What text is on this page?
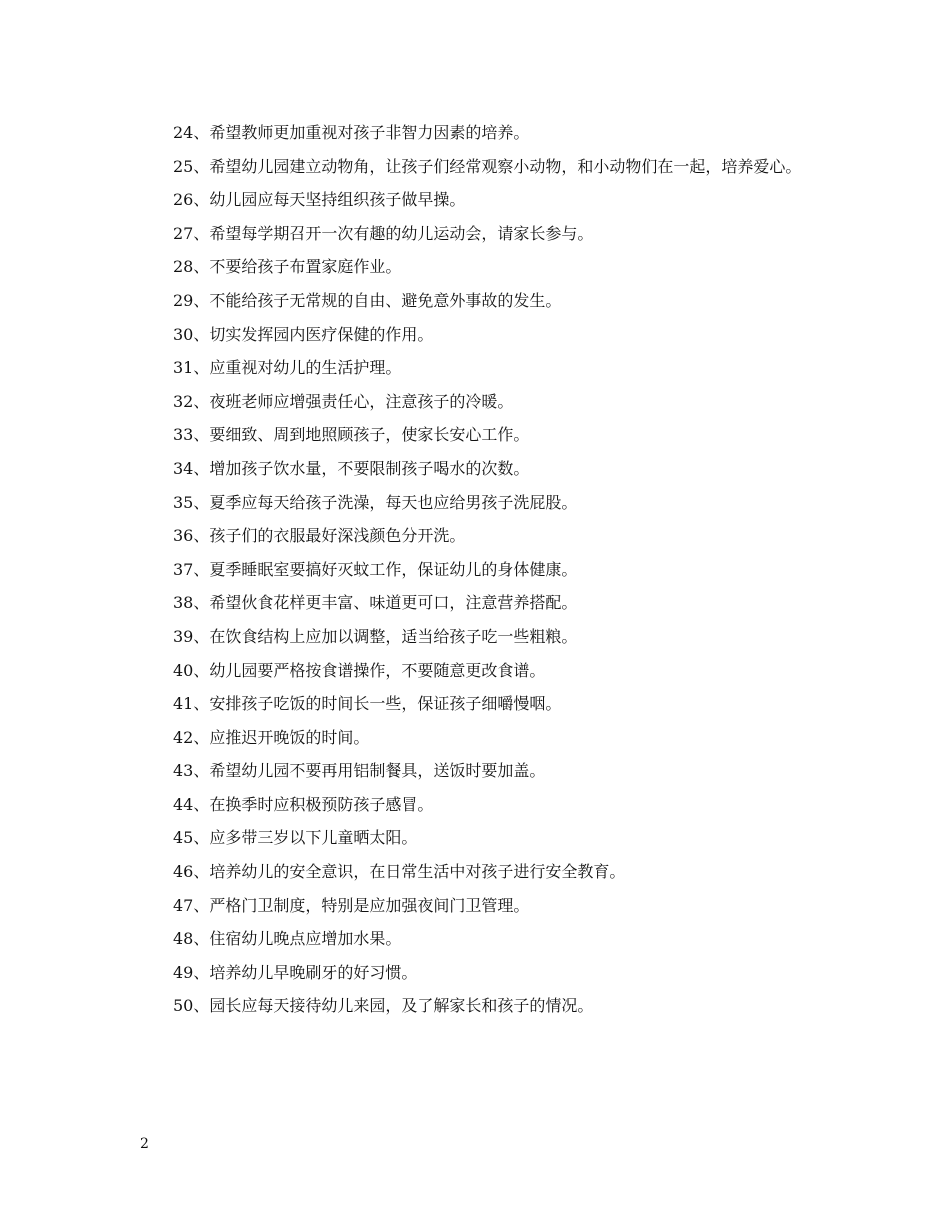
24、希望教师更加重视对孩子非智力因素的培养。

25、希望幼儿园建立动物角，让孩子们经常观察小动物，和小动物们在一起，培养爱心。

26、幼儿园应每天坚持组织孩子做早操。

27、希望每学期召开一次有趣的幼儿运动会，请家长参与。

28、不要给孩子布置家庭作业。

29、不能给孩子无常规的自由、避免意外事故的发生。

30、切实发挥园内医疗保健的作用。

31、应重视对幼儿的生活护理。

32、夜班老师应增强责任心，注意孩子的冷暖。

33、要细致、周到地照顾孩子，使家长安心工作。

34、增加孩子饮水量，不要限制孩子喝水的次数。

35、夏季应每天给孩子洗澡，每天也应给男孩子洗屁股。

36、孩子们的衣服最好深浅颜色分开洗。

37、夏季睡眠室要搞好灭蚊工作，保证幼儿的身体健康。

38、希望伙食花样更丰富、味道更可口，注意营养搭配。

39、在饮食结构上应加以调整，适当给孩子吃一些粗粮。

40、幼儿园要严格按食谱操作，不要随意更改食谱。

41、安排孩子吃饭的时间长一些，保证孩子细嚼慢咽。

42、应推迟开晚饭的时间。

43、希望幼儿园不要再用铝制餐具，送饭时要加盖。

44、在换季时应积极预防孩子感冒。

45、应多带三岁以下儿童晒太阳。

46、培养幼儿的安全意识，在日常生活中对孩子进行安全教育。

47、严格门卫制度，特别是应加强夜间门卫管理。

48、住宿幼儿晚点应增加水果。

49、培养幼儿早晚刷牙的好习惯。

50、园长应每天接待幼儿来园，及了解家长和孩子的情况。

2
